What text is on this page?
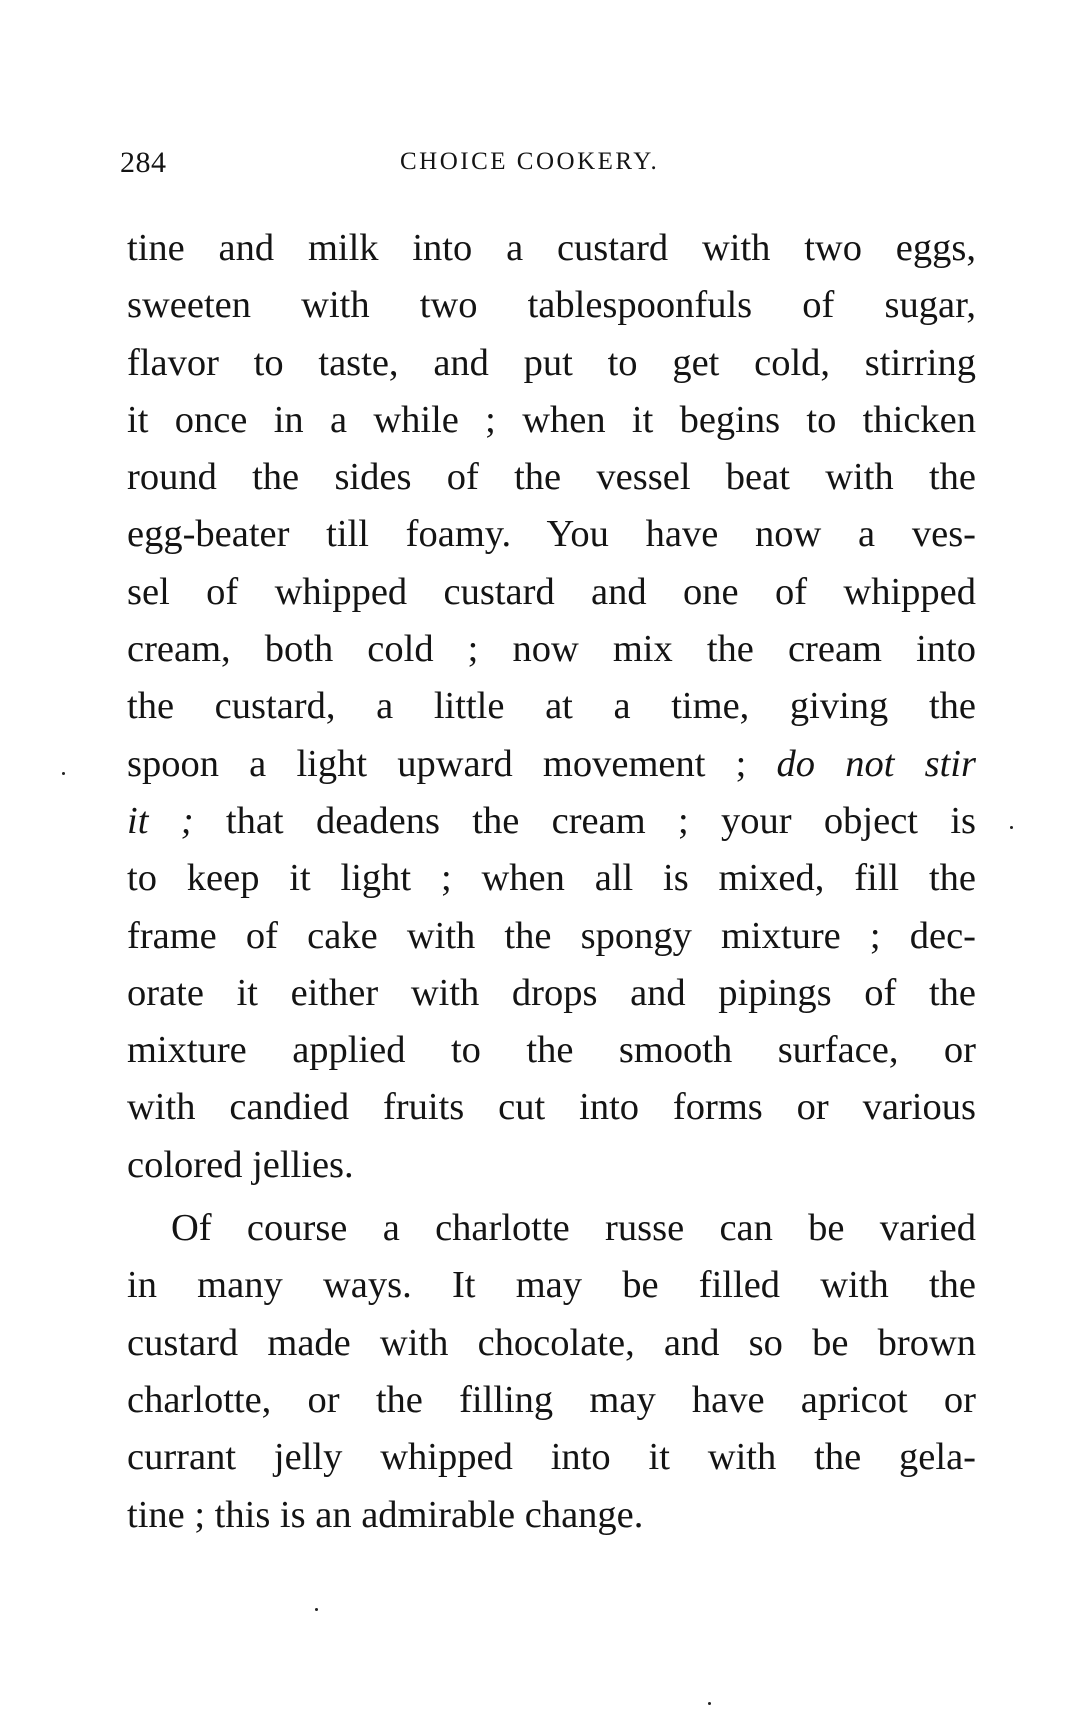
284	CHOICE COOKERY.
tine and milk into a custard with two eggs,
sweeten with two tablespoonfuls of sugar,
flavor to taste, and put to get cold, stirring
it once in a while ; when it begins to thicken
round the sides of the vessel beat with the
egg-beater till foamy. You have now a ves-
sel of whipped custard and one of whipped
cream, both cold ; now mix the cream into
the custard, a little at a time, giving the
spoon a light upward movement ; do not stir
it ; that deadens the cream ; your object is
to keep it light ; when all is mixed, fill the
frame of cake with the spongy mixture ; dec-
orate it either with drops and pipings of the
mixture applied to the smooth surface, or
with candied fruits cut into forms or various
colored jellies.
Of course a charlotte russe can be varied
in many ways. It may be filled with the
custard made with chocolate, and so be brown
charlotte, or the filling may have apricot or
currant jelly whipped into it with the gela-
tine ; this is an admirable change.
